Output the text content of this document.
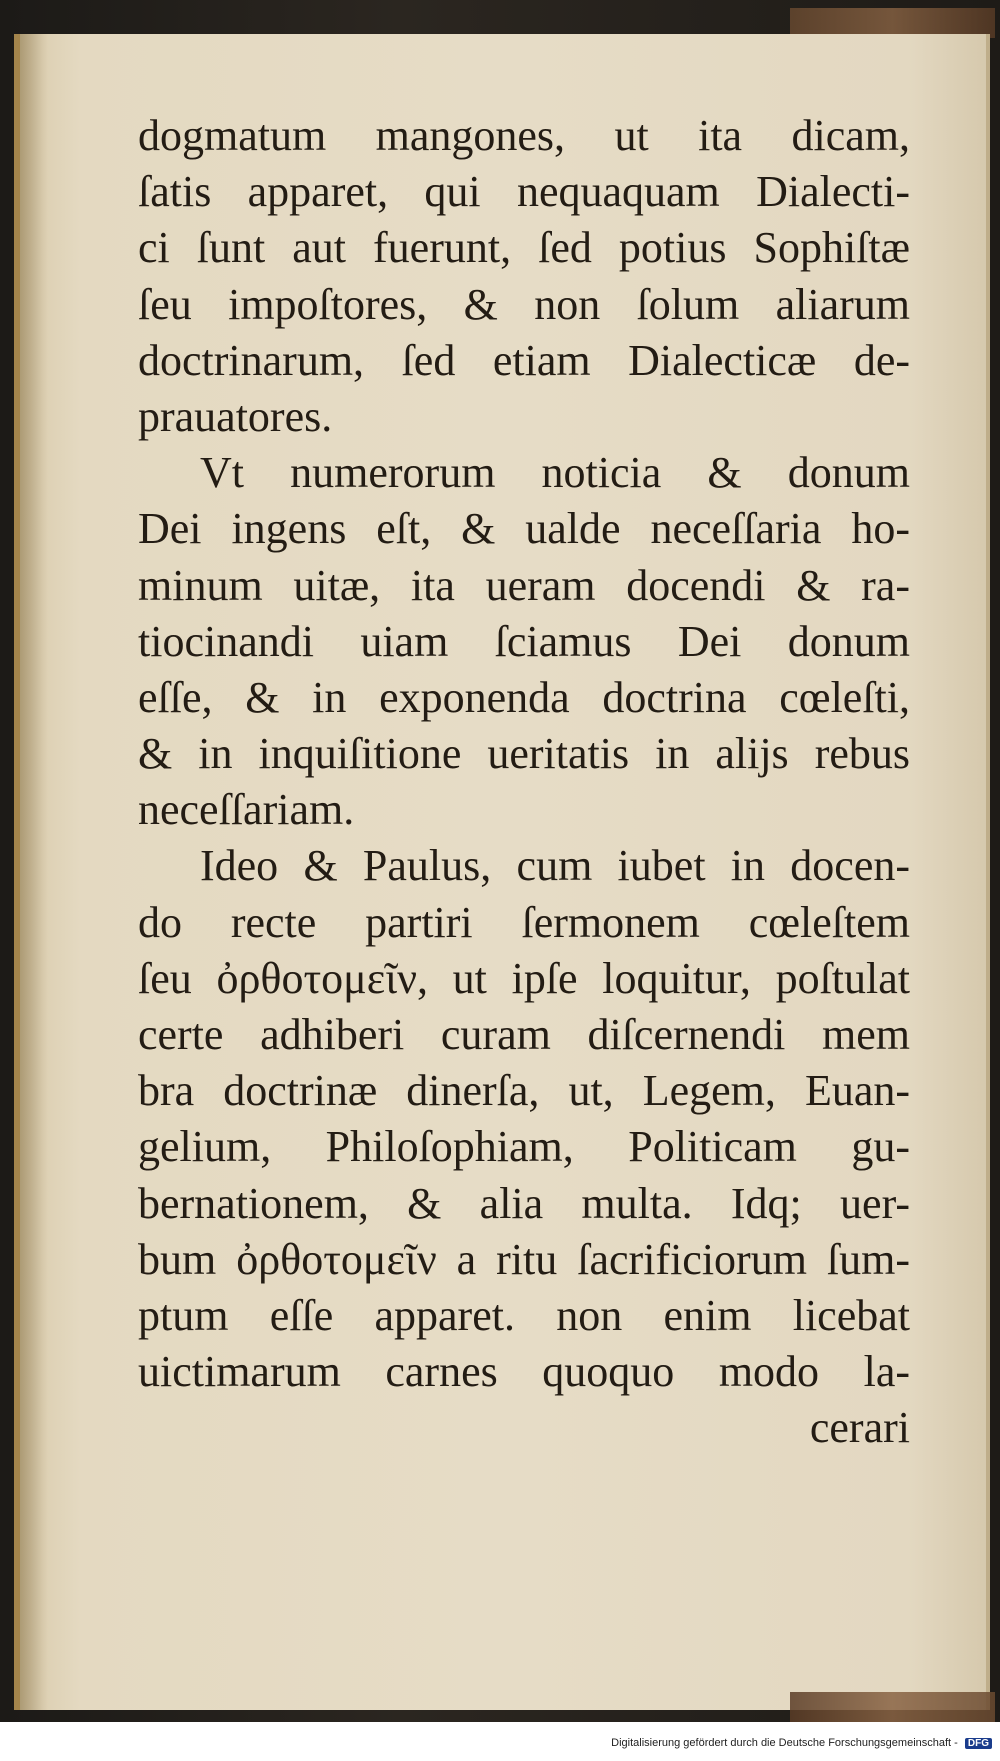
dogmatum mangones, ut ita dicam,
ſatis apparet, qui nequaquam Dialecti-
ci ſunt aut fuerunt, ſed potius Sophiſtæ
ſeu impoſtores, & non ſolum aliarum
doctrinarum, ſed etiam Dialecticæ de-
prauatores.
Vt numerorum noticia & donum
Dei ingens eſt, & ualde neceſſaria ho-
minum uitæ, ita ueram docendi & ra-
tiocinandi uiam ſciamus Dei donum
eſſe, & in exponenda doctrina cœleſti,
& in inquiſitione ueritatis in alijs rebus
neceſſariam.
Ideo & Paulus, cum iubet in docen-
do recte partiri ſermonem cœleſtem
ſeu ὀρθοτομεῖν, ut ipſe loquitur, poſtulat
certe adhiberi curam diſcernendi mem
bra doctrinæ dinerſa, ut, Legem, Euan-
gelium, Philoſophiam, Politicam gu-
bernationem, & alia multa. Idq; uer-
bum ὀρθοτομεῖν a ritu ſacrificiorum ſum-
ptum eſſe apparet. non enim licebat
uictimarum carnes quoquo modo la-
cerari
Digitalisierung gefördert durch die Deutsche Forschungsgemeinschaft - DFG
